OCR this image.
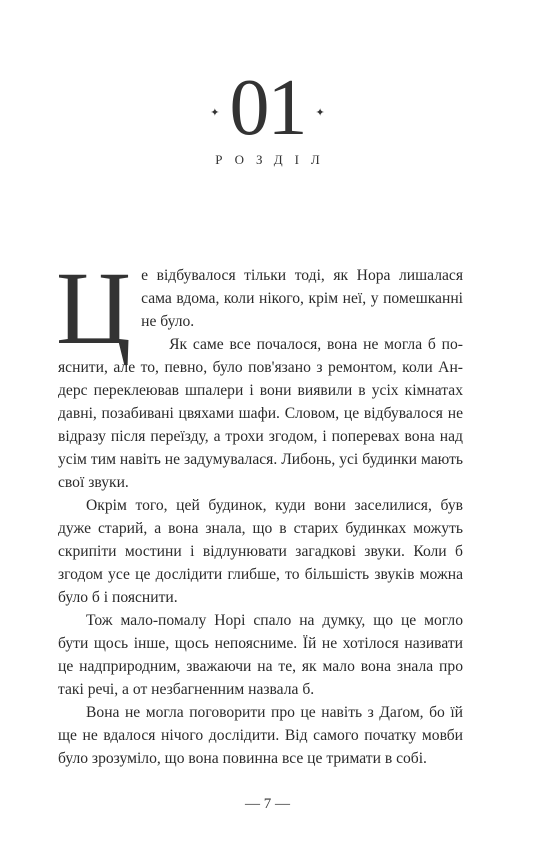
✦ 01 ✦
РОЗДІЛ

Це відбувалося тільки тоді, як Нора лишалася сама вдома, коли нікого, крім неї, у помешканні не було.

Як саме все почалося, вона не могла б пояснити, але то, певно, було пов'язано з ремонтом, коли Андерс переклеював шпалери і вони виявили в усіх кімнатах давні, позабивані цвяхами шафи. Словом, це відбувалося не відразу після переїзду, а трохи згодом, і поперевах вона над усім тим навіть не задумувалася. Либонь, усі будинки мають свої звуки.

Окрім того, цей будинок, куди вони заселилися, був дуже старий, а вона знала, що в старих будинках можуть скрипіти мостини і відлунювати загадкові звуки. Коли б згодом усе це дослідити глибше, то більшість звуків можна було б і пояснити.

Тож мало-помалу Норі спало на думку, що це могло бути щось інше, щось непоясниме. Їй не хотілося називати це надприродним, зважаючи на те, як мало вона знала про такі речі, а от незбагненним назвала б.

Вона не могла поговорити про це навіть з Даґом, бо їй ще не вдалося нічого дослідити. Від самого початку мовби було зрозуміло, що вона повинна все це тримати в собі.

— 7 —
